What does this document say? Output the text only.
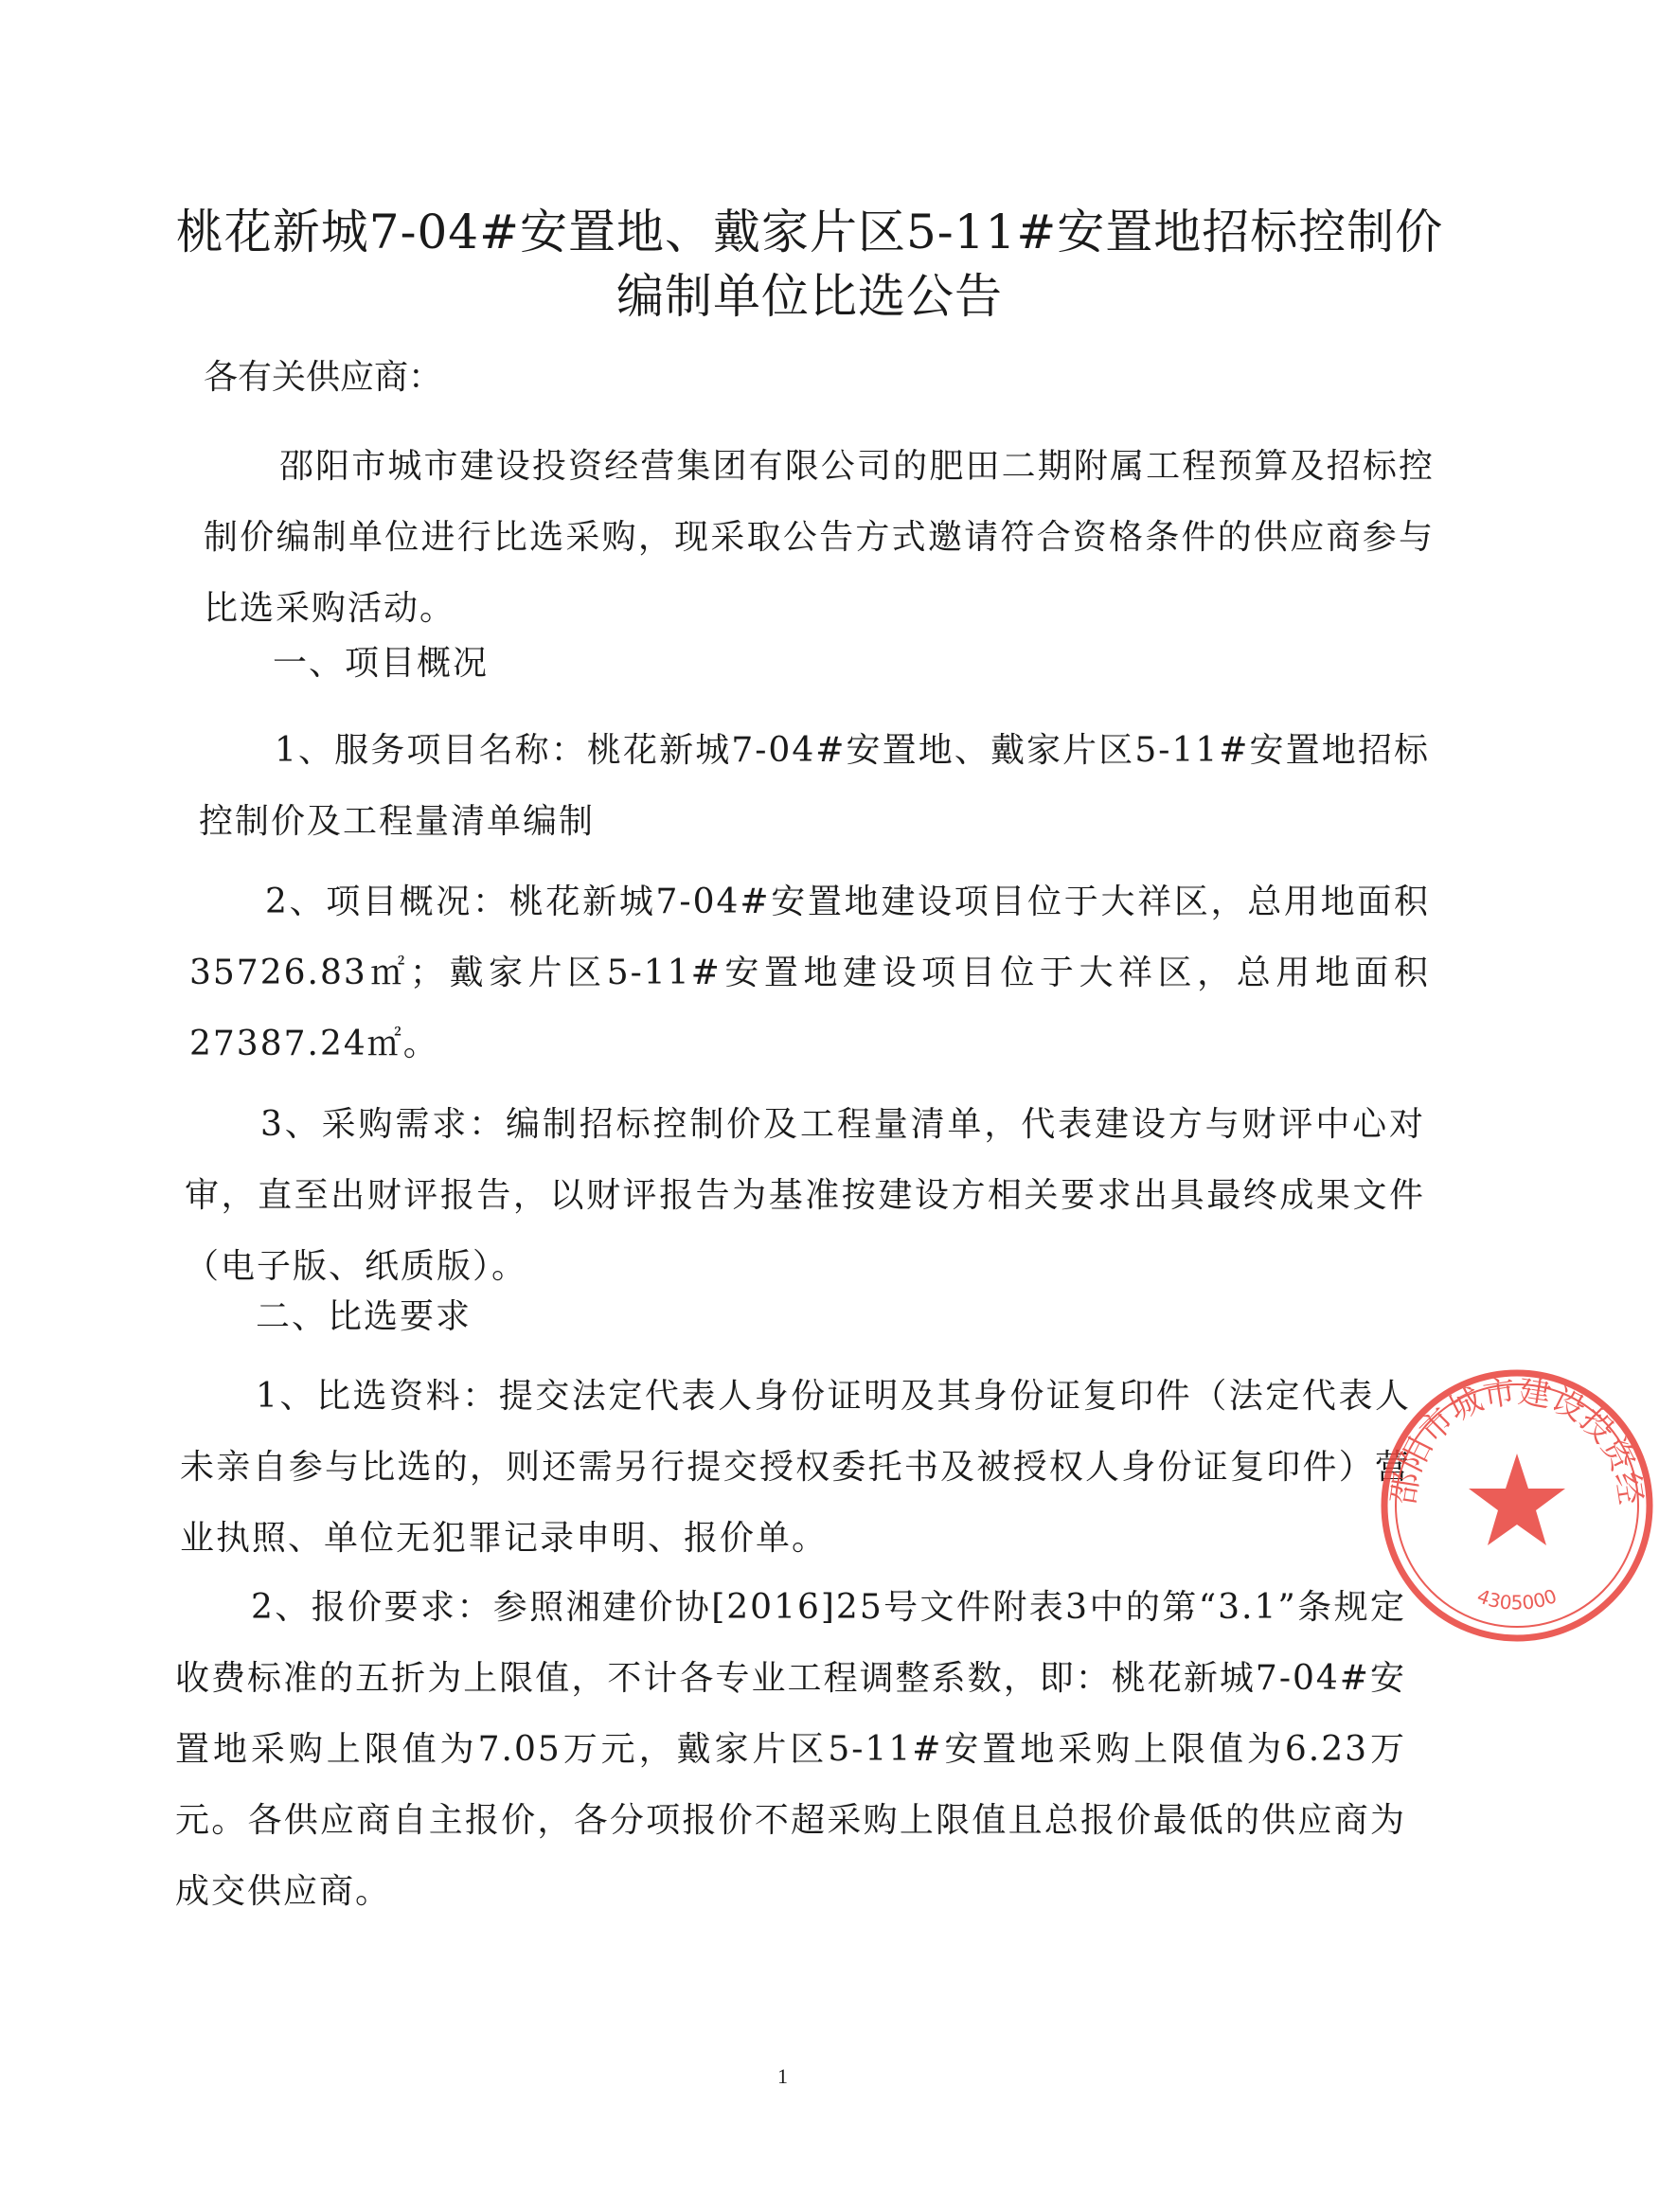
桃花新城7-04#安置地、戴家片区5-11#安置地招标控制价
编制单位比选公告
各有关供应商：
邵阳市城市建设投资经营集团有限公司的肥田二期附属工程预算及招标控制价编制单位进行比选采购，现采取公告方式邀请符合资格条件的供应商参与比选采购活动。
一、项目概况
1、服务项目名称：桃花新城7-04#安置地、戴家片区5-11#安置地招标控制价及工程量清单编制
2、项目概况：桃花新城7-04#安置地建设项目位于大祥区，总用地面积35726.83㎡；戴家片区5-11#安置地建设项目位于大祥区，总用地面积27387.24㎡。
3、采购需求：编制招标控制价及工程量清单，代表建设方与财评中心对审，直至出财评报告，以财评报告为基准按建设方相关要求出具最终成果文件（电子版、纸质版）。
二、比选要求
1、比选资料：提交法定代表人身份证明及其身份证复印件（法定代表人未亲自参与比选的，则还需另行提交授权委托书及被授权人身份证复印件）营业执照、单位无犯罪记录申明、报价单。
2、报价要求：参照湘建价协[2016]25号文件附表3中的第“3.1”条规定收费标准的五折为上限值，不计各专业工程调整系数，即：桃花新城7-04#安置地采购上限值为7.05万元，戴家片区5-11#安置地采购上限值为6.23万元。各供应商自主报价，各分项报价不超采购上限值且总报价最低的供应商为成交供应商。
1
邵阳市城市建设投资经
4305000
